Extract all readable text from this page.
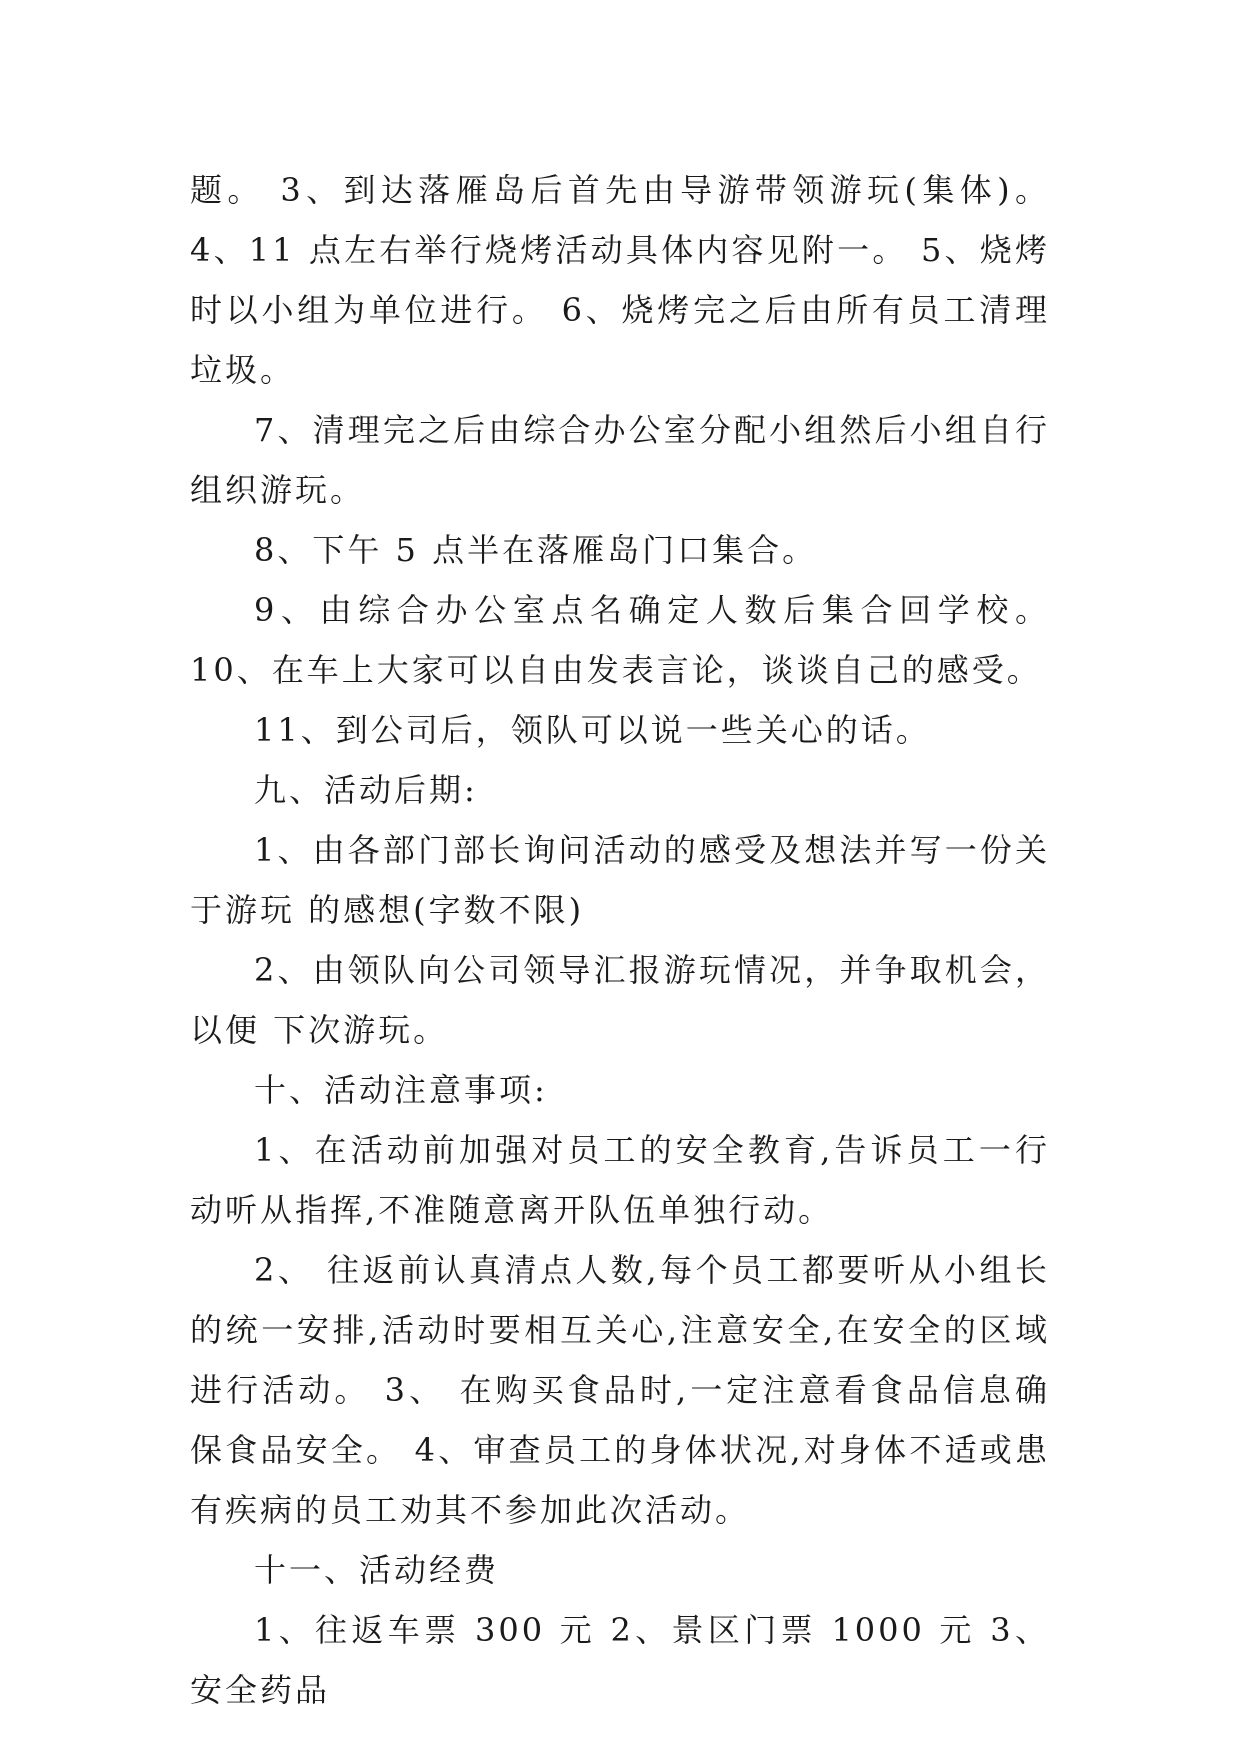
题。 3、到达落雁岛后首先由导游带领游玩(集体)。 4、11 点左右举行烧烤活动具体内容见附一。 5、烧烤时以小组为单位进行。 6、烧烤完之后由所有员工清理垃圾。

7、清理完之后由综合办公室分配小组然后小组自行组织游玩。

8、下午 5 点半在落雁岛门口集合。

9、由综合办公室点名确定人数后集合回学校。 10、在车上大家可以自由发表言论，谈谈自己的感受。

11、到公司后，领队可以说一些关心的话。

九、活动后期:

1、由各部门部长询问活动的感受及想法并写一份关于游玩 的感想(字数不限)

2、由领队向公司领导汇报游玩情况，并争取机会，以便 下次游玩。

十、活动注意事项:

1、在活动前加强对员工的安全教育,告诉员工一行动听从指挥,不准随意离开队伍单独行动。

2、 往返前认真清点人数,每个员工都要听从小组长的统一安排,活动时要相互关心,注意安全,在安全的区域进行活动。 3、 在购买食品时,一定注意看食品信息确保食品安全。 4、审查员工的身体状况,对身体不适或患有疾病的员工劝其不参加此次活动。

十一、活动经费

1、往返车票 300 元 2、景区门票 1000 元 3、安全药品
